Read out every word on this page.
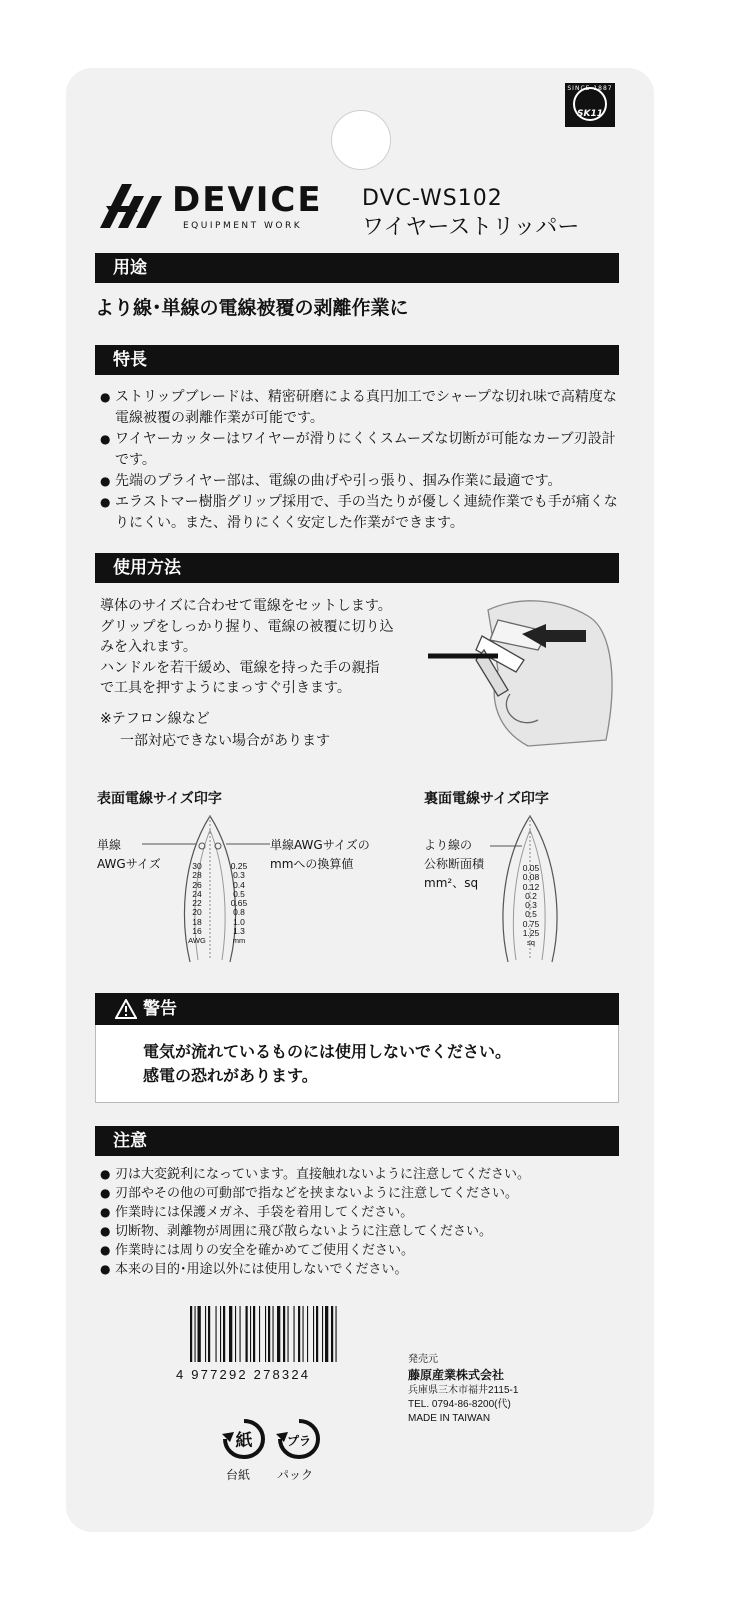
SINCE 1887
SK11
DEVICE
EQUIPMENT WORK
DVC-WS102
ワイヤーストリッパー
用途
より線･単線の電線被覆の剥離作業に
特長
● ストリップブレードは、精密研磨による真円加工でシャープな切れ味で高精度な電線被覆の剥離作業が可能です。
● ワイヤーカッターはワイヤーが滑りにくくスムーズな切断が可能なカーブ刃設計です。
● 先端のプライヤー部は、電線の曲げや引っ張り、掴み作業に最適です。
● エラストマー樹脂グリップ採用で、手の当たりが優しく連続作業でも手が痛くなりにくい。また、滑りにくく安定した作業ができます。
使用方法
導体のサイズに合わせて電線をセットします。
グリップをしっかり握り、電線の被覆に切り込
みを入れます。
ハンドルを若干緩め、電線を持った手の親指
で工具を押すようにまっすぐ引きます。
※テフロン線など
一部対応できない場合があります
表面電線サイズ印字	裏面電線サイズ印字
単線
AWGサイズ
単線AWGサイズの
mmへの換算値
30
28
26
24
22
20
18
16
AWG
0.25
0.3
0.4
0.5
0.65
0.8
1.0
1.3
mm
より線の
公称断面積
mm²、sq
0.05
0.08
0.12
0.2
0.3
0.5
0.75
1.25
sq
警告
電気が流れているものには使用しないでください。
感電の恐れがあります。
注意
● 刃は大変鋭利になっています。直接触れないように注意してください。
● 刃部やその他の可動部で指などを挟まないように注意してください。
● 作業時には保護メガネ、手袋を着用してください。
● 切断物、剥離物が周囲に飛び散らないように注意してください。
● 作業時には周りの安全を確かめてご使用ください。
● 本来の目的･用途以外には使用しないでください。
4 977292 278324
発売元
藤原産業株式会社
兵庫県三木市福井2115-1
TEL. 0794-86-8200(代)
MADE IN TAIWAN
紙	プラ
台紙 パック
